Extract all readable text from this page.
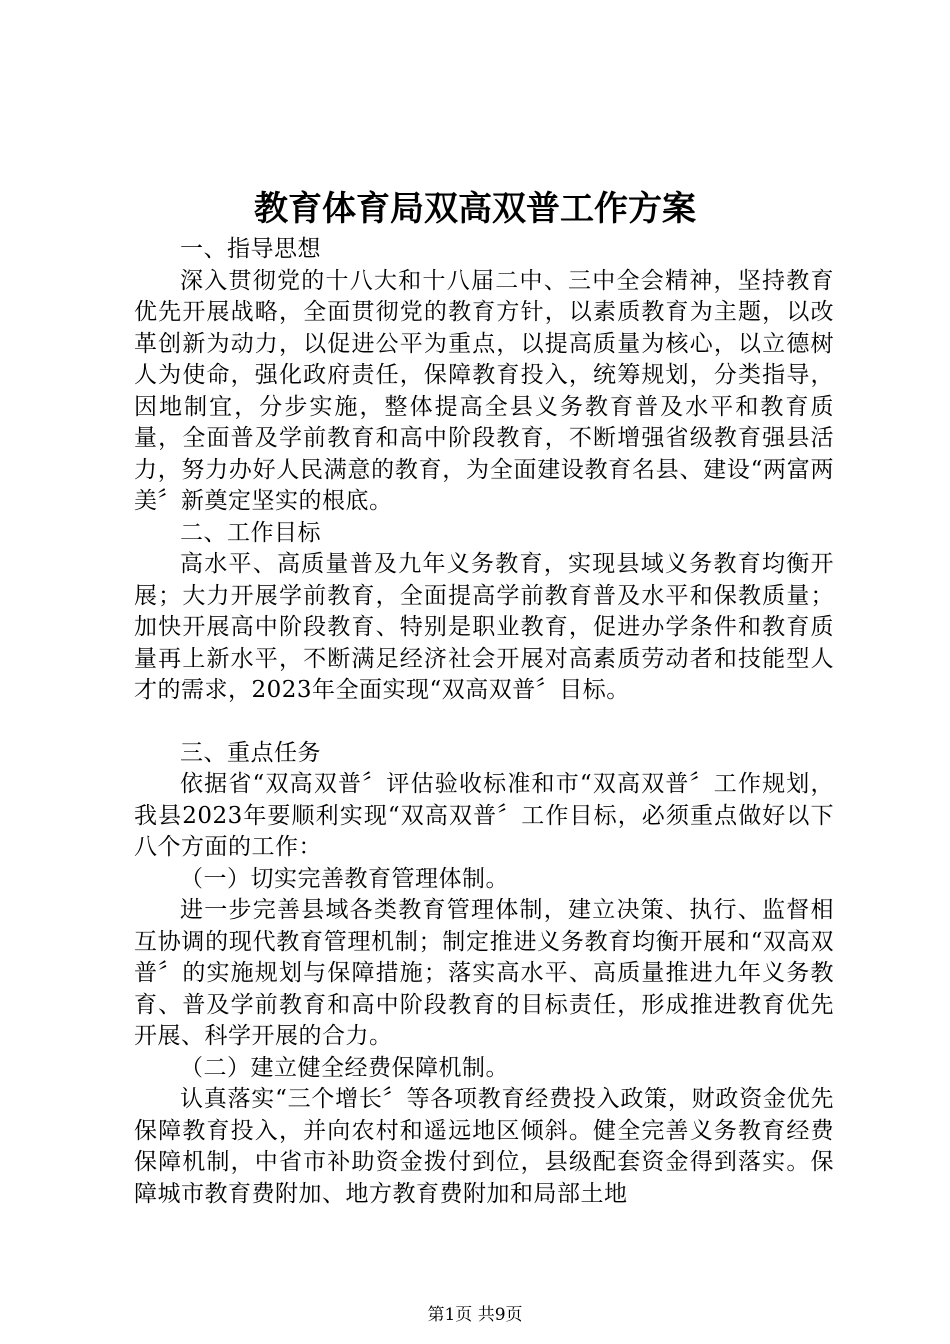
教育体育局双高双普工作方案

一、指导思想

深入贯彻党的十八大和十八届二中、三中全会精神，坚持教育优先开展战略，全面贯彻党的教育方针，以素质教育为主题，以改革创新为动力，以促进公平为重点，以提高质量为核心，以立德树人为使命，强化政府责任，保障教育投入，统筹规划，分类指导，因地制宜，分步实施，整体提高全县义务教育普及水平和教育质量，全面普及学前教育和高中阶段教育，不断增强省级教育强县活力，努力办好人民满意的教育，为全面建设教育名县、建设“两富两美〞新奠定坚实的根底。

二、工作目标

高水平、高质量普及九年义务教育，实现县域义务教育均衡开展；大力开展学前教育，全面提高学前教育普及水平和保教质量；加快开展高中阶段教育、特别是职业教育，促进办学条件和教育质量再上新水平，不断满足经济社会开展对高素质劳动者和技能型人才的需求，2023年全面实现“双高双普〞目标。

三、重点任务

依据省“双高双普〞评估验收标准和市“双高双普〞工作规划，我县2023年要顺利实现“双高双普〞工作目标，必须重点做好以下八个方面的工作：

（一）切实完善教育管理体制。

进一步完善县域各类教育管理体制，建立决策、执行、监督相互协调的现代教育管理机制；制定推进义务教育均衡开展和“双高双普〞的实施规划与保障措施；落实高水平、高质量推进九年义务教育、普及学前教育和高中阶段教育的目标责任，形成推进教育优先开展、科学开展的合力。

（二）建立健全经费保障机制。

认真落实“三个增长〞等各项教育经费投入政策，财政资金优先保障教育投入，并向农村和遥远地区倾斜。健全完善义务教育经费保障机制，中省市补助资金拨付到位，县级配套资金得到落实。保障城市教育费附加、地方教育费附加和局部土地

第1页 共9页
